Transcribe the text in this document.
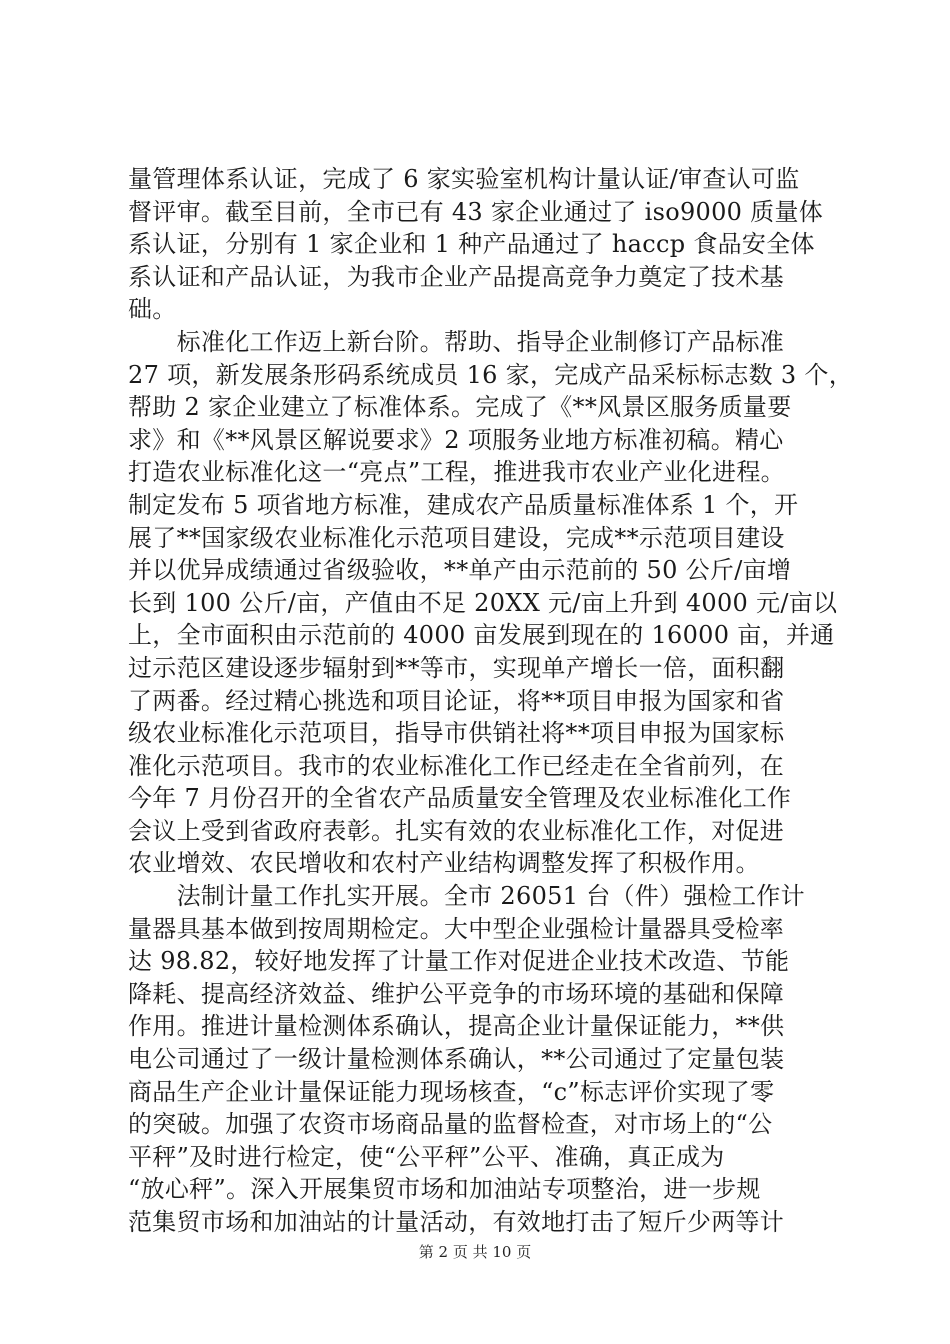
量管理体系认证，完成了 6 家实验室机构计量认证/审查认可监
督评审。截至目前，全市已有 43 家企业通过了 iso9000 质量体
系认证，分别有 1 家企业和 1 种产品通过了 haccp 食品安全体
系认证和产品认证，为我市企业产品提高竞争力奠定了技术基
础。
　　标准化工作迈上新台阶。帮助、指导企业制修订产品标准
27 项，新发展条形码系统成员 16 家，完成产品采标标志数 3 个，
帮助 2 家企业建立了标准体系。完成了《**风景区服务质量要
求》和《**风景区解说要求》2 项服务业地方标准初稿。精心
打造农业标准化这一“亮点”工程，推进我市农业产业化进程。
制定发布 5 项省地方标准，建成农产品质量标准体系 1 个，开
展了**国家级农业标准化示范项目建设，完成**示范项目建设
并以优异成绩通过省级验收，**单产由示范前的 50 公斤/亩增
长到 100 公斤/亩，产值由不足 20XX 元/亩上升到 4000 元/亩以
上，全市面积由示范前的 4000 亩发展到现在的 16000 亩，并通
过示范区建设逐步辐射到**等市，实现单产增长一倍，面积翻
了两番。经过精心挑选和项目论证，将**项目申报为国家和省
级农业标准化示范项目，指导市供销社将**项目申报为国家标
准化示范项目。我市的农业标准化工作已经走在全省前列，在
今年 7 月份召开的全省农产品质量安全管理及农业标准化工作
会议上受到省政府表彰。扎实有效的农业标准化工作，对促进
农业增效、农民增收和农村产业结构调整发挥了积极作用。
　　法制计量工作扎实开展。全市 26051 台（件）强检工作计
量器具基本做到按周期检定。大中型企业强检计量器具受检率
达 98.82，较好地发挥了计量工作对促进企业技术改造、节能
降耗、提高经济效益、维护公平竞争的市场环境的基础和保障
作用。推进计量检测体系确认，提高企业计量保证能力，**供
电公司通过了一级计量检测体系确认，**公司通过了定量包装
商品生产企业计量保证能力现场核查，“c”标志评价实现了零
的突破。加强了农资市场商品量的监督检查，对市场上的“公
平秤”及时进行检定，使“公平秤”公平、准确，真正成为
“放心秤”。深入开展集贸市场和加油站专项整治，进一步规
范集贸市场和加油站的计量活动，有效地打击了短斤少两等计
第 2 页 共 10 页
